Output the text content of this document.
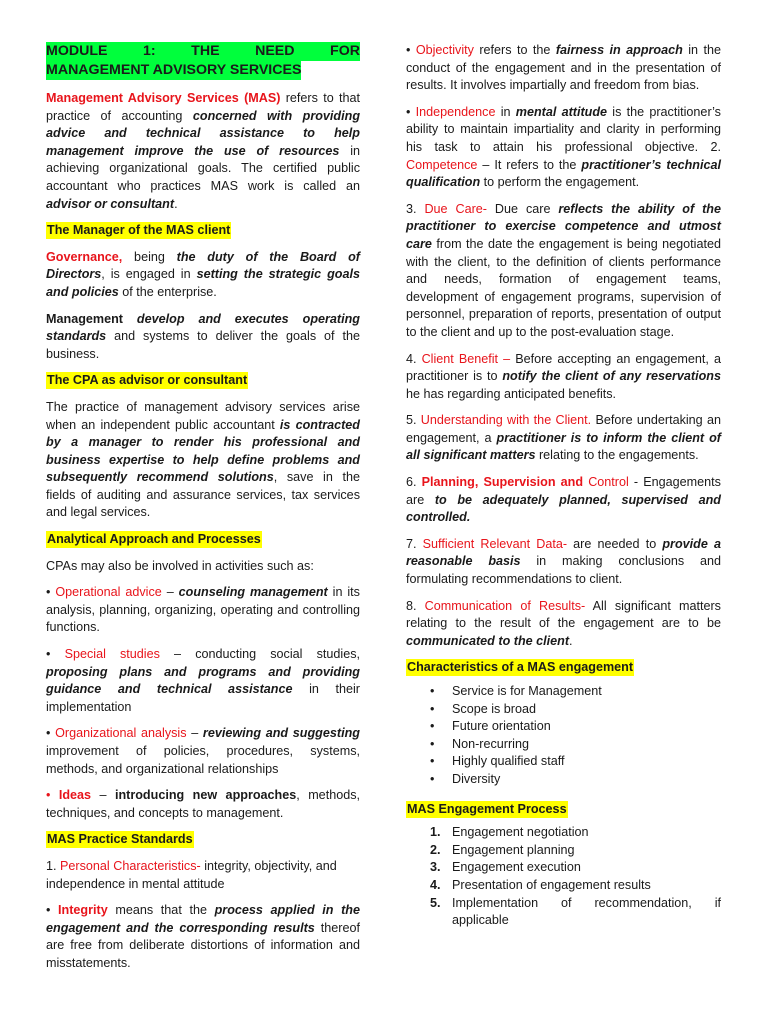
MODULE	1:	THE	NEED	FOR
MANAGEMENT ADVISORY SERVICES

Management Advisory Services (MAS) refers to that practice of accounting concerned with providing advice and technical assistance to help management improve the use of resources in achieving organizational goals. The certified public accountant who practices MAS work is called an advisor or consultant.

The Manager of the MAS client

Governance, being the duty of the Board of Directors, is engaged in setting the strategic goals and policies of the enterprise.

Management develop and executes operating standards and systems to deliver the goals of the business.

The CPA as advisor or consultant

The practice of management advisory services arise when an independent public accountant is contracted by a manager to render his professional and business expertise to help define problems and subsequently recommend solutions, save in the fields of auditing and assurance services, tax services and legal services.

Analytical Approach and Processes

CPAs may also be involved in activities such as:

• Operational advice – counseling management in its analysis, planning, organizing, operating and controlling functions.

• Special studies – conducting social studies, proposing plans and programs and providing guidance and technical assistance in their implementation

• Organizational analysis – reviewing and suggesting improvement of policies, procedures, systems, methods, and organizational relationships

• Ideas – introducing new approaches, methods, techniques, and concepts to management.

MAS Practice Standards

1. Personal Characteristics- integrity, objectivity, and independence in mental attitude

• Integrity means that the process applied in the engagement and the corresponding results thereof are free from deliberate distortions of information and misstatements.

• Objectivity refers to the fairness in approach in the conduct of the engagement and in the presentation of results. It involves impartially and freedom from bias.

• Independence in mental attitude is the practitioner’s ability to maintain impartiality and clarity in performing his task to attain his professional objective. 2. Competence – It refers to the practitioner’s technical qualification to perform the engagement.

3. Due Care- Due care reflects the ability of the practitioner to exercise competence and utmost care from the date the engagement is being negotiated with the client, to the definition of clients performance and needs, formation of engagement teams, development of engagement programs, supervision of personnel, preparation of reports, presentation of output to the client and up to the post-evaluation stage.

4. Client Benefit – Before accepting an engagement, a practitioner is to notify the client of any reservations he has regarding anticipated benefits.

5. Understanding with the Client. Before undertaking an engagement, a practitioner is to inform the client of all significant matters relating to the engagements.

6. Planning, Supervision and Control - Engagements are to be adequately planned, supervised and controlled.

7. Sufficient Relevant Data- are needed to provide a reasonable basis in making conclusions and formulating recommendations to client.

8. Communication of Results- All significant matters relating to the result of the engagement are to be communicated to the client.

Characteristics of a MAS engagement
• Service is for Management
• Scope is broad
• Future orientation
• Non-recurring
• Highly qualified staff
• Diversity
MAS Engagement Process
1. Engagement negotiation
2. Engagement planning
3. Engagement execution
4. Presentation of engagement results
5. Implementation of recommendation, if applicable
